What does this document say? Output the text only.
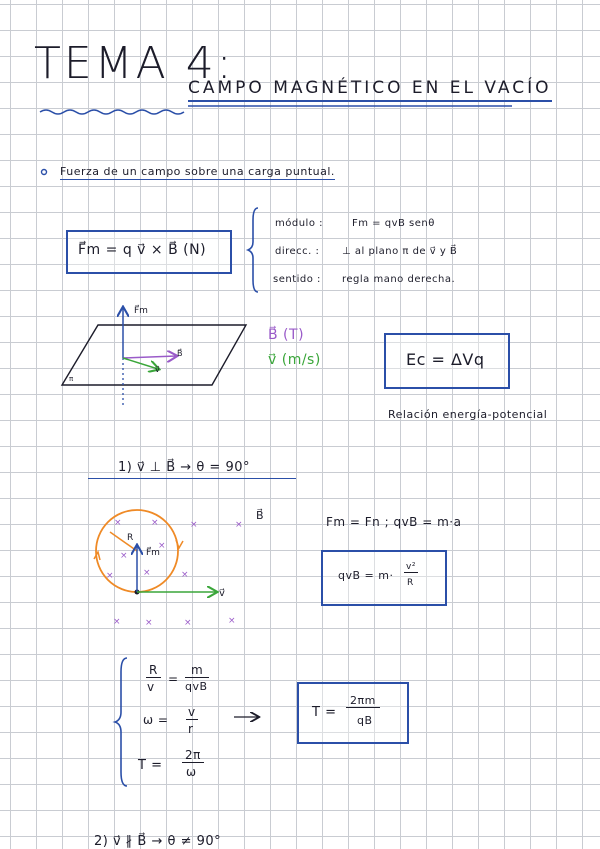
TEMA 4:
CAMPO MAGNÉTICO EN EL VACÍO
Fuerza de un campo sobre una carga puntual.
F⃗m = q v⃗ × B⃗ (N)
módulo :	Fm = qvB senθ
direcc. : ⊥ al plano π de v⃗ y B⃗
sentido : regla mano derecha.
B⃗ (T)
v⃗ (m/s)	Ec = ΔVq
Relación energía-potencial
1) v⃗ ⊥ B⃗ → θ = 90°
Fm = Fn ; qvB = m·a
qvB = m·
v²
R
R
v
=
m
qvB
ω =
v
r
T =
2π
ω
T =
2πm
qB
2) v⃗ ∦ B⃗ → θ ≠ 90°
F⃗m
B⃗
v⃗
π
R
F⃗m
v⃗
B⃗
×	×	×	×
×
×
×
×	×
×	×	×	×
